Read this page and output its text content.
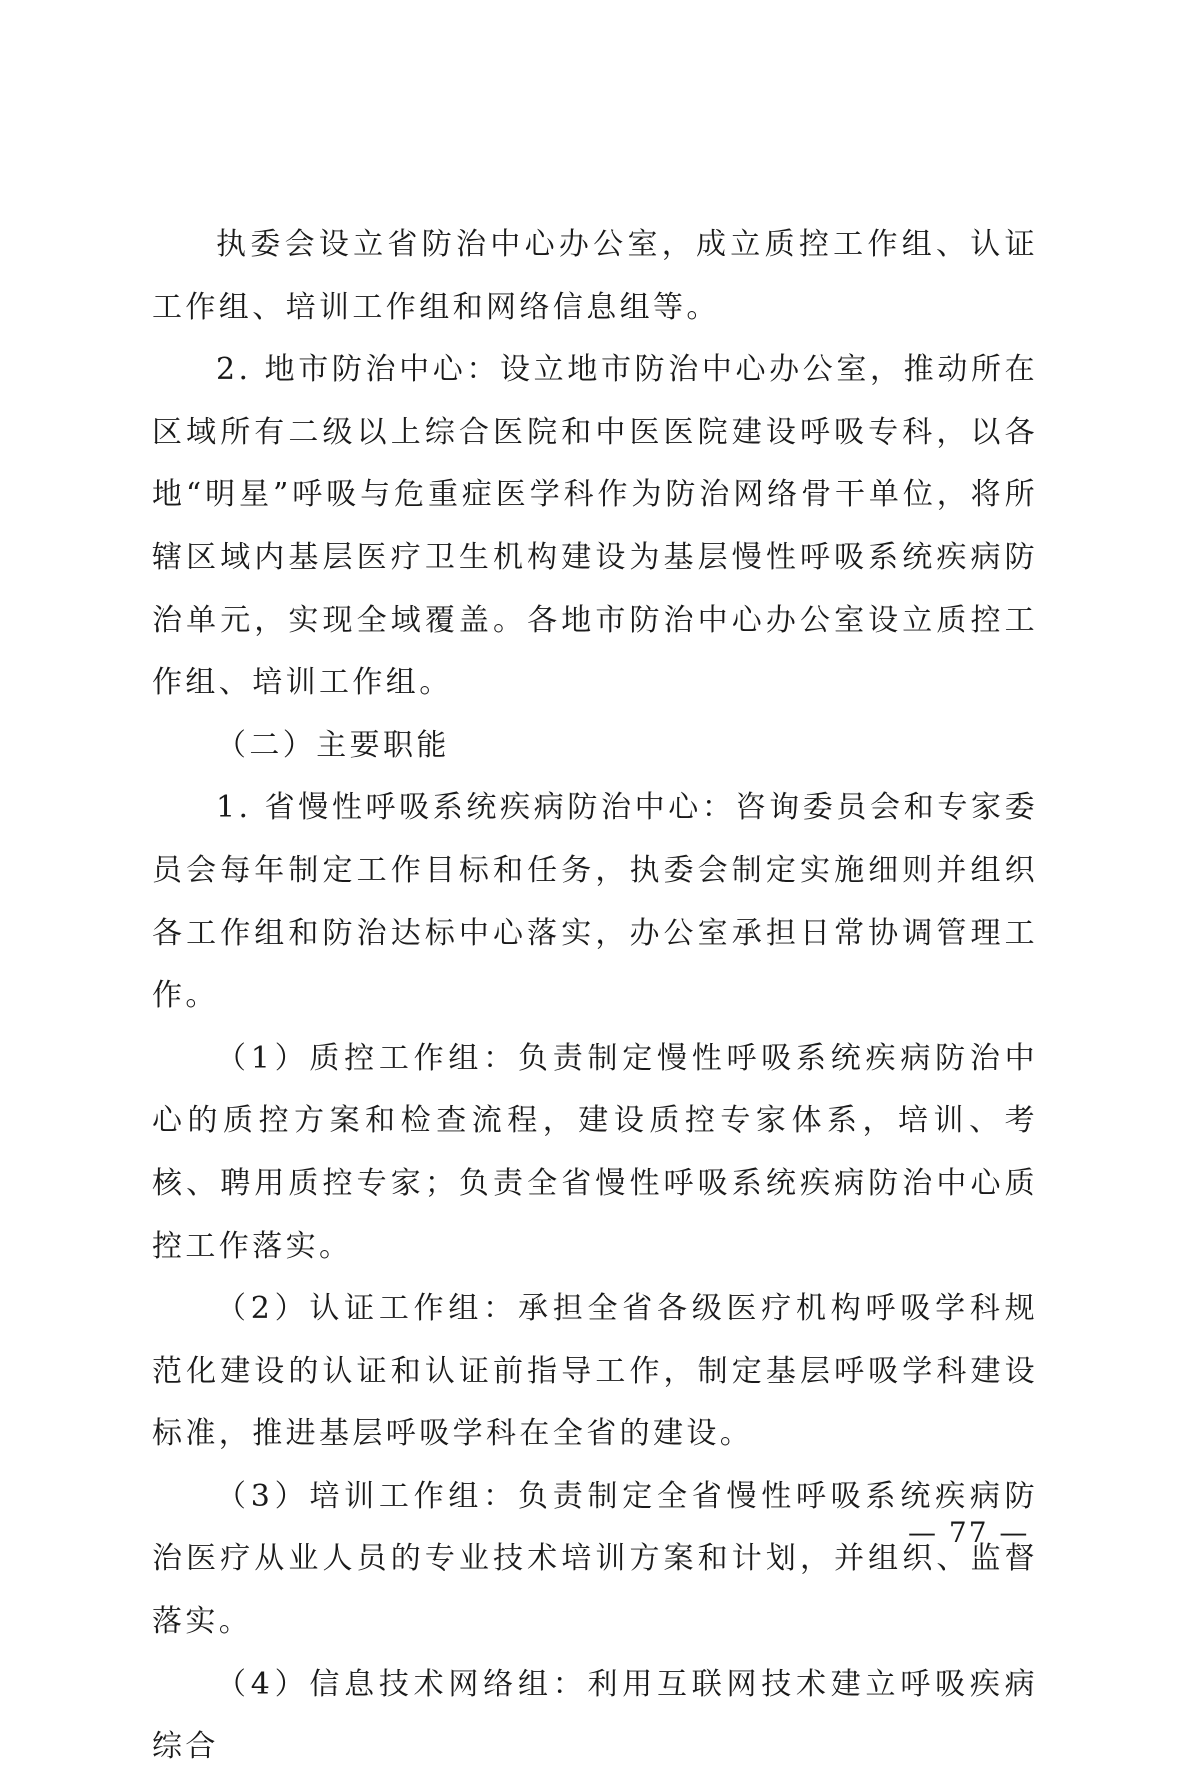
执委会设立省防治中心办公室，成立质控工作组、认证工作组、培训工作组和网络信息组等。

2. 地市防治中心：设立地市防治中心办公室，推动所在区域所有二级以上综合医院和中医医院建设呼吸专科，以各地“明星”呼吸与危重症医学科作为防治网络骨干单位，将所辖区域内基层医疗卫生机构建设为基层慢性呼吸系统疾病防治单元，实现全域覆盖。各地市防治中心办公室设立质控工作组、培训工作组。

（二）主要职能

1. 省慢性呼吸系统疾病防治中心：咨询委员会和专家委员会每年制定工作目标和任务，执委会制定实施细则并组织各工作组和防治达标中心落实，办公室承担日常协调管理工作。

（1）质控工作组：负责制定慢性呼吸系统疾病防治中心的质控方案和检查流程，建设质控专家体系，培训、考核、聘用质控专家；负责全省慢性呼吸系统疾病防治中心质控工作落实。

（2）认证工作组：承担全省各级医疗机构呼吸学科规范化建设的认证和认证前指导工作，制定基层呼吸学科建设标准，推进基层呼吸学科在全省的建设。

（3）培训工作组：负责制定全省慢性呼吸系统疾病防治医疗从业人员的专业技术培训方案和计划，并组织、监督落实。

（4）信息技术网络组：利用互联网技术建立呼吸疾病综合

— 77 —
